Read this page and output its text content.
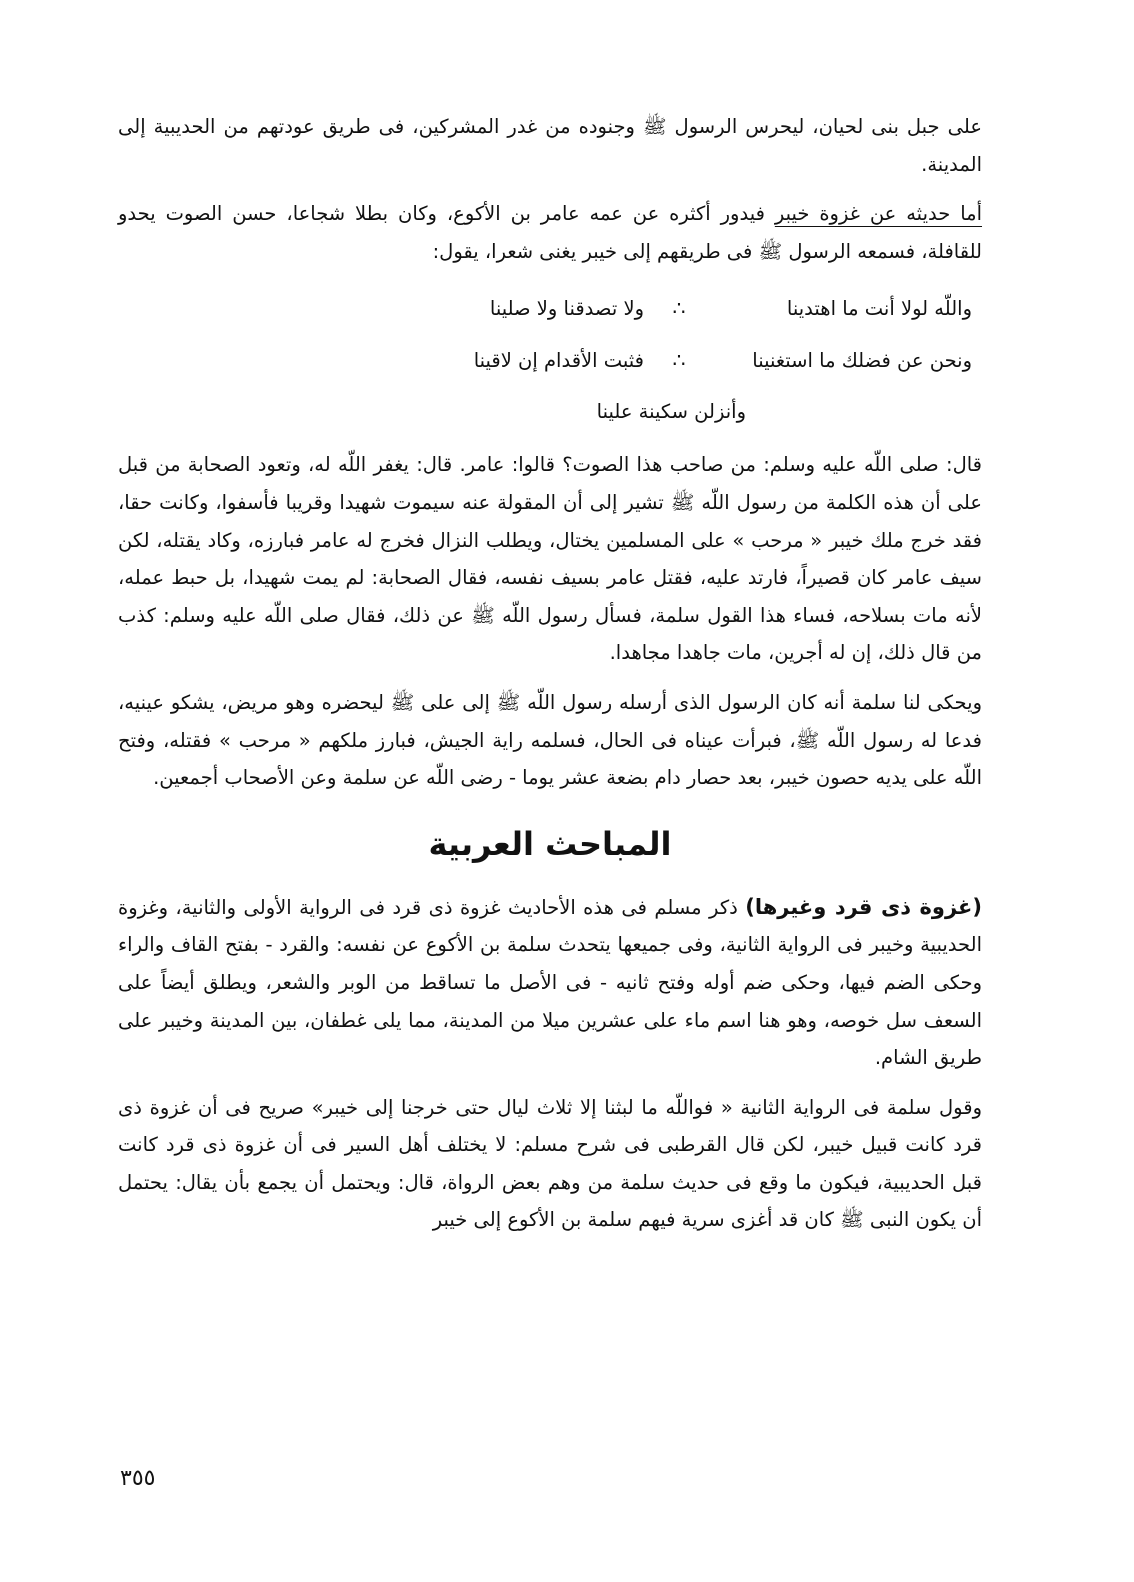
على جبل بنى لحيان، ليحرس الرسول ﷺ وجنوده من غدر المشركين، فى طريق عودتهم من الحديبية إلى المدينة.

أما حديثه عن غزوة خيبر فيدور أكثره عن عمه عامر بن الأكوع، وكان بطلا شجاعا، حسن الصوت يحدو للقافلة، فسمعه الرسول ﷺ فى طريقهم إلى خيبر يغنى شعرا، يقول:

واللّه لولا أنت ما اهتدينا
∴
ولا تصدقنا ولا صلينا
ونحن عن فضلك ما استغنينا
∴
فثبت الأقدام إن لاقينا
وأنزلن سكينة علينا

قال: صلى اللّه عليه وسلم: من صاحب هذا الصوت؟ قالوا: عامر. قال: يغفر اللّه له، وتعود الصحابة من قبل على أن هذه الكلمة من رسول اللّه ﷺ تشير إلى أن المقولة عنه سيموت شهيدا وقريبا فأسفوا، وكانت حقا، فقد خرج ملك خيبر « مرحب » على المسلمين يختال، ويطلب النزال فخرج له عامر فبارزه، وكاد يقتله، لكن سيف عامر كان قصيراً، فارتد عليه، فقتل عامر بسيف نفسه، فقال الصحابة: لم يمت شهيدا، بل حبط عمله، لأنه مات بسلاحه، فساء هذا القول سلمة، فسأل رسول اللّه ﷺ عن ذلك، فقال صلى اللّه عليه وسلم: كذب من قال ذلك، إن له أجرين، مات جاهدا مجاهدا.

ويحكى لنا سلمة أنه كان الرسول الذى أرسله رسول اللّه ﷺ إلى على ﷺ ليحضره وهو مريض، يشكو عينيه، فدعا له رسول اللّه ﷺ، فبرأت عيناه فى الحال، فسلمه راية الجيش، فبارز ملكهم « مرحب » فقتله، وفتح اللّه على يديه حصون خيبر، بعد حصار دام بضعة عشر يوما - رضى اللّه عن سلمة وعن الأصحاب أجمعين.

المباحث العربية

(غزوة ذى قرد وغيرها) ذكر مسلم فى هذه الأحاديث غزوة ذى قرد فى الرواية الأولى والثانية، وغزوة الحديبية وخيبر فى الرواية الثانية، وفى جميعها يتحدث سلمة بن الأكوع عن نفسه: والقرد - بفتح القاف والراء وحكى الضم فيها، وحكى ضم أوله وفتح ثانيه - فى الأصل ما تساقط من الوبر والشعر، ويطلق أيضاً على السعف سل خوصه، وهو هنا اسم ماء على عشرين ميلا من المدينة، مما يلى غطفان، بين المدينة وخيبر على طريق الشام.

وقول سلمة فى الرواية الثانية « فواللّه ما لبثنا إلا ثلاث ليال حتى خرجنا إلى خيبر» صريح فى أن غزوة ذى قرد كانت قبيل خيبر، لكن قال القرطبى فى شرح مسلم: لا يختلف أهل السير فى أن غزوة ذى قرد كانت قبل الحديبية، فيكون ما وقع فى حديث سلمة من وهم بعض الرواة، قال: ويحتمل أن يجمع بأن يقال: يحتمل أن يكون النبى ﷺ كان قد أغزى سرية فيهم سلمة بن الأكوع إلى خيبر

٣٥٥
